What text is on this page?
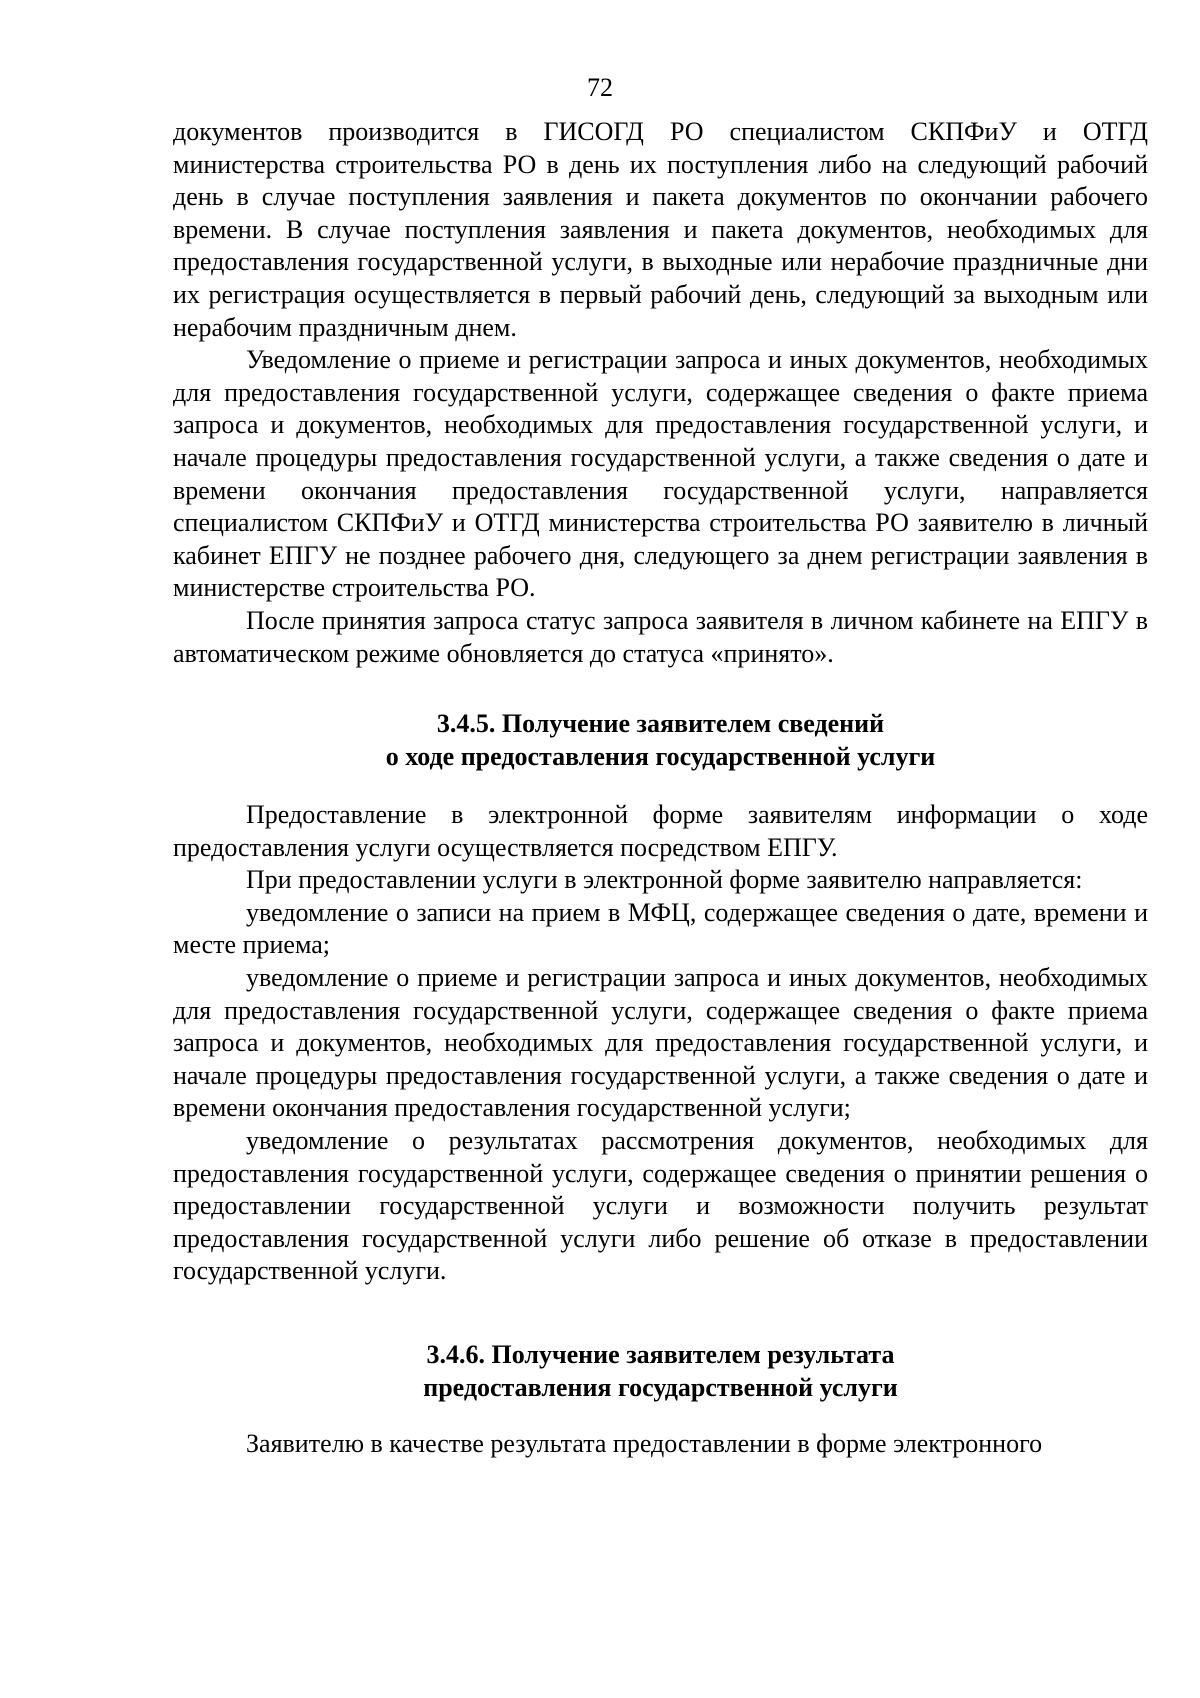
72

документов производится в ГИСОГД РО специалистом СКПФиУ и ОТГД министерства строительства РО в день их поступления либо на следующий рабочий день в случае поступления заявления и пакета документов по окончании рабочего времени. В случае поступления заявления и пакета документов, необходимых для предоставления государственной услуги, в выходные или нерабочие праздничные дни их регистрация осуществляется в первый рабочий день, следующий за выходным или нерабочим праздничным днем.

Уведомление о приеме и регистрации запроса и иных документов, необходимых для предоставления государственной услуги, содержащее сведения о факте приема запроса и документов, необходимых для предоставления государственной услуги, и начале процедуры предоставления государственной услуги, а также сведения о дате и времени окончания предоставления государственной услуги, направляется специалистом СКПФиУ и ОТГД министерства строительства РО заявителю в личный кабинет ЕПГУ не позднее рабочего дня, следующего за днем регистрации заявления в министерстве строительства РО.

После принятия запроса статус запроса заявителя в личном кабинете на ЕПГУ в автоматическом режиме обновляется до статуса «принято».

3.4.5. Получение заявителем сведений
о ходе предоставления государственной услуги

Предоставление в электронной форме заявителям информации о ходе предоставления услуги осуществляется посредством ЕПГУ.

При предоставлении услуги в электронной форме заявителю направляется:

уведомление о записи на прием в МФЦ, содержащее сведения о дате, времени и месте приема;

уведомление о приеме и регистрации запроса и иных документов, необходимых для предоставления государственной услуги, содержащее сведения о факте приема запроса и документов, необходимых для предоставления государственной услуги, и начале процедуры предоставления государственной услуги, а также сведения о дате и времени окончания предоставления государственной услуги;

уведомление о результатах рассмотрения документов, необходимых для предоставления государственной услуги, содержащее сведения о принятии решения о предоставлении государственной услуги и возможности получить результат предоставления государственной услуги либо решение об отказе в предоставлении государственной услуги.

3.4.6. Получение заявителем результата
предоставления государственной услуги

Заявителю в качестве результата предоставлении в форме электронного
